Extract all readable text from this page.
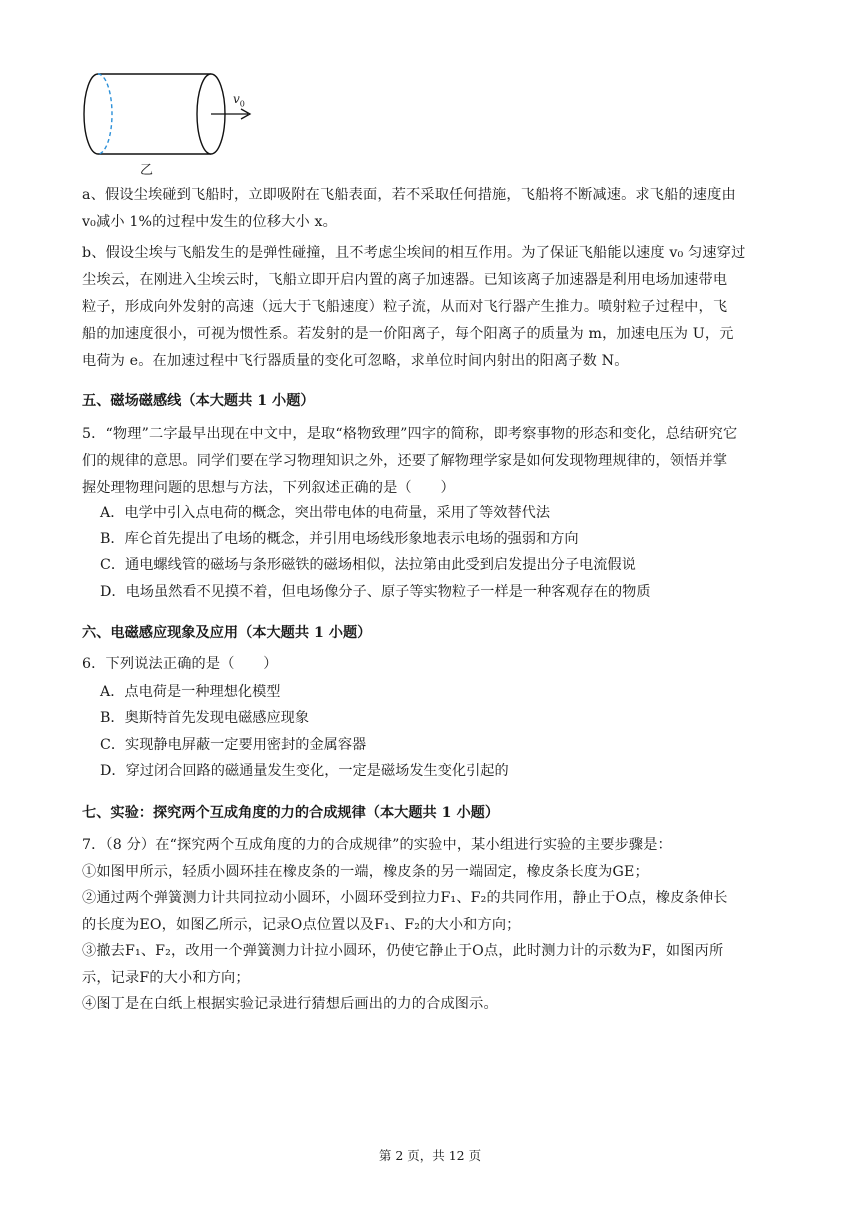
$v_0$
乙
a、假设尘埃碰到飞船时，立即吸附在飞船表面，若不采取任何措施，飞船将不断减速。求飞船的速度由
v₀减小 1%的过程中发生的位移大小 x。
b、假设尘埃与飞船发生的是弹性碰撞，且不考虑尘埃间的相互作用。为了保证飞船能以速度 v₀ 匀速穿过
尘埃云，在刚进入尘埃云时，飞船立即开启内置的离子加速器。已知该离子加速器是利用电场加速带电
粒子，形成向外发射的高速（远大于飞船速度）粒子流，从而对飞行器产生推力。喷射粒子过程中，飞
船的加速度很小，可视为惯性系。若发射的是一价阳离子，每个阳离子的质量为 m，加速电压为 U，元
电荷为 e。在加速过程中飞行器质量的变化可忽略，求单位时间内射出的阳离子数 N。
五、磁场磁感线（本大题共 1 小题）
5．“物理”二字最早出现在中文中，是取“格物致理”四字的简称，即考察事物的形态和变化，总结研究它
们的规律的意思。同学们要在学习物理知识之外，还要了解物理学家是如何发现物理规律的，领悟并掌
握处理物理问题的思想与方法，下列叙述正确的是（　　）
A．电学中引入点电荷的概念，突出带电体的电荷量，采用了等效替代法
B．库仑首先提出了电场的概念，并引用电场线形象地表示电场的强弱和方向
C．通电螺线管的磁场与条形磁铁的磁场相似，法拉第由此受到启发提出分子电流假说
D．电场虽然看不见摸不着，但电场像分子、原子等实物粒子一样是一种客观存在的物质
六、电磁感应现象及应用（本大题共 1 小题）
6．下列说法正确的是（　　）
A．点电荷是一种理想化模型
B．奥斯特首先发现电磁感应现象
C．实现静电屏蔽一定要用密封的金属容器
D．穿过闭合回路的磁通量发生变化，一定是磁场发生变化引起的
七、实验：探究两个互成角度的力的合成规律（本大题共 1 小题）
7．（8 分）在“探究两个互成角度的力的合成规律”的实验中，某小组进行实验的主要步骤是：
①如图甲所示，轻质小圆环挂在橡皮条的一端，橡皮条的另一端固定，橡皮条长度为GE；
②通过两个弹簧测力计共同拉动小圆环，小圆环受到拉力F₁、F₂的共同作用，静止于O点，橡皮条伸长
的长度为EO，如图乙所示，记录O点位置以及F₁、F₂的大小和方向；
③撤去F₁、F₂，改用一个弹簧测力计拉小圆环，仍使它静止于O点，此时测力计的示数为F，如图丙所
示，记录F的大小和方向；
④图丁是在白纸上根据实验记录进行猜想后画出的力的合成图示。
第 2 页，共 12 页
